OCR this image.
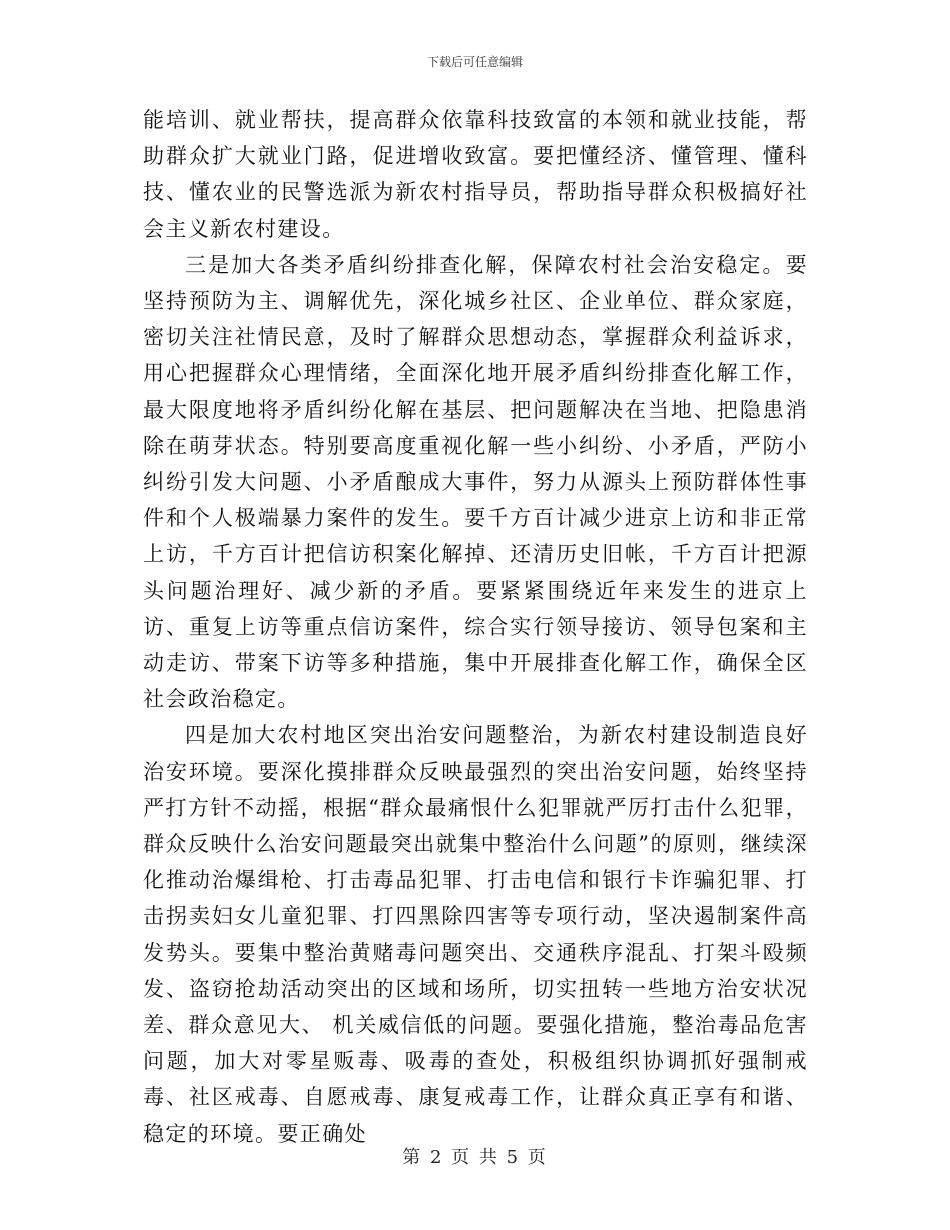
下载后可任意编辑

能培训、就业帮扶，提高群众依靠科技致富的本领和就业技能，帮助群众扩大就业门路，促进增收致富。要把懂经济、懂管理、懂科技、懂农业的民警选派为新农村指导员，帮助指导群众积极搞好社会主义新农村建设。

三是加大各类矛盾纠纷排查化解，保障农村社会治安稳定。要坚持预防为主、调解优先，深化城乡社区、企业单位、群众家庭，密切关注社情民意，及时了解群众思想动态，掌握群众利益诉求，用心把握群众心理情绪，全面深化地开展矛盾纠纷排查化解工作，最大限度地将矛盾纠纷化解在基层、把问题解决在当地、把隐患消除在萌芽状态。特别要高度重视化解一些小纠纷、小矛盾，严防小纠纷引发大问题、小矛盾酿成大事件，努力从源头上预防群体性事件和个人极端暴力案件的发生。要千方百计减少进京上访和非正常上访，千方百计把信访积案化解掉、还清历史旧帐，千方百计把源头问题治理好、减少新的矛盾。要紧紧围绕近年来发生的进京上访、重复上访等重点信访案件，综合实行领导接访、领导包案和主动走访、带案下访等多种措施，集中开展排查化解工作，确保全区社会政治稳定。

四是加大农村地区突出治安问题整治，为新农村建设制造良好治安环境。要深化摸排群众反映最强烈的突出治安问题，始终坚持严打方针不动摇，根据“群众最痛恨什么犯罪就严厉打击什么犯罪，群众反映什么治安问题最突出就集中整治什么问题”的原则，继续深化推动治爆缉枪、打击毒品犯罪、打击电信和银行卡诈骗犯罪、打击拐卖妇女儿童犯罪、打四黑除四害等专项行动，坚决遏制案件高发势头。要集中整治黄赌毒问题突出、交通秩序混乱、打架斗殴频发、盗窃抢劫活动突出的区域和场所，切实扭转一些地方治安状况差、群众意见大、 机关威信低的问题。要强化措施，整治毒品危害问题，加大对零星贩毒、吸毒的查处，积极组织协调抓好强制戒毒、社区戒毒、自愿戒毒、康复戒毒工作，让群众真正享有和谐、稳定的环境。要正确处

第 2 页 共 5 页
